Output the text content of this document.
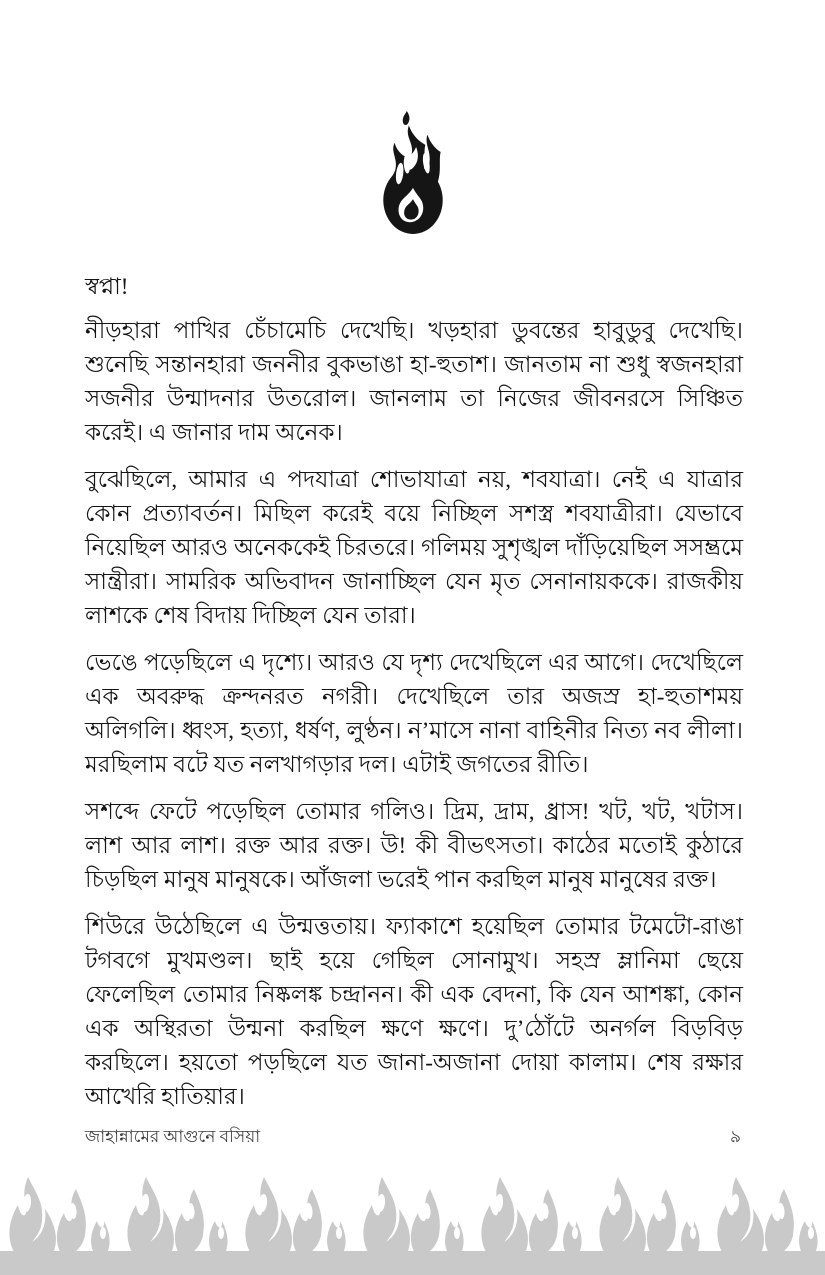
স্বপ্না!

নীড়হারা পাখির চেঁচামেচি দেখেছি। খড়হারা ডুবন্তের হাবুডুবু দেখেছি। শুনেছি সন্তানহারা জননীর বুকভাঙা হা-হুতাশ। জানতাম না শুধু স্বজনহারা সজনীর উন্মাদনার উতরোল। জানলাম তা নিজের জীবনরসে সিঞ্চিত করেই। এ জানার দাম অনেক।

বুঝেছিলে, আমার এ পদযাত্রা শোভাযাত্রা নয়, শবযাত্রা। নেই এ যাত্রার কোন প্রত্যাবর্তন। মিছিল করেই বয়ে নিচ্ছিল সশস্ত্র শবযাত্রীরা। যেভাবে নিয়েছিল আরও অনেককেই চিরতরে। গলিময় সুশৃঙ্খল দাঁড়িয়েছিল সসম্ভ্রমে সান্ত্রীরা। সামরিক অভিবাদন জানাচ্ছিল যেন মৃত সেনানায়ককে। রাজকীয় লাশকে শেষ বিদায় দিচ্ছিল যেন তারা।

ভেঙে পড়েছিলে এ দৃশ্যে। আরও যে দৃশ্য দেখেছিলে এর আগে। দেখেছিলে এক অবরুদ্ধ ক্রন্দনরত নগরী। দেখেছিলে তার অজস্র হা-হুতাশময় অলিগলি। ধ্বংস, হত্যা, ধর্ষণ, লুণ্ঠন। ন’মাসে নানা বাহিনীর নিত্য নব লীলা। মরছিলাম বটে যত নলখাগড়ার দল। এটাই জগতের রীতি।

সশব্দে ফেটে পড়েছিল তোমার গলিও। দ্রিম, দ্রাম, ধ্রাস! খট, খট, খটাস। লাশ আর লাশ। রক্ত আর রক্ত। উ! কী বীভৎসতা। কাঠের মতোই কুঠারে চিড়ছিল মানুষ মানুষকে। আঁজলা ভরেই পান করছিল মানুষ মানুষের রক্ত।

শিউরে উঠেছিলে এ উন্মত্ততায়। ফ্যাকাশে হয়েছিল তোমার টমেটো-রাঙা টগবগে মুখমণ্ডল। ছাই হয়ে গেছিল সোনামুখ। সহস্র ম্লানিমা ছেয়ে ফেলেছিল তোমার নিষ্কলঙ্ক চন্দ্রানন। কী এক বেদনা, কি যেন আশঙ্কা, কোন এক অস্থিরতা উন্মনা করছিল ক্ষণে ক্ষণে। দু’ঠোঁটে অনর্গল বিড়বিড় করছিলে। হয়তো পড়ছিলে যত জানা-অজানা দোয়া কালাম। শেষ রক্ষার আখেরি হাতিয়ার।

জাহান্নামের আগুনে বসিয়া	৯
